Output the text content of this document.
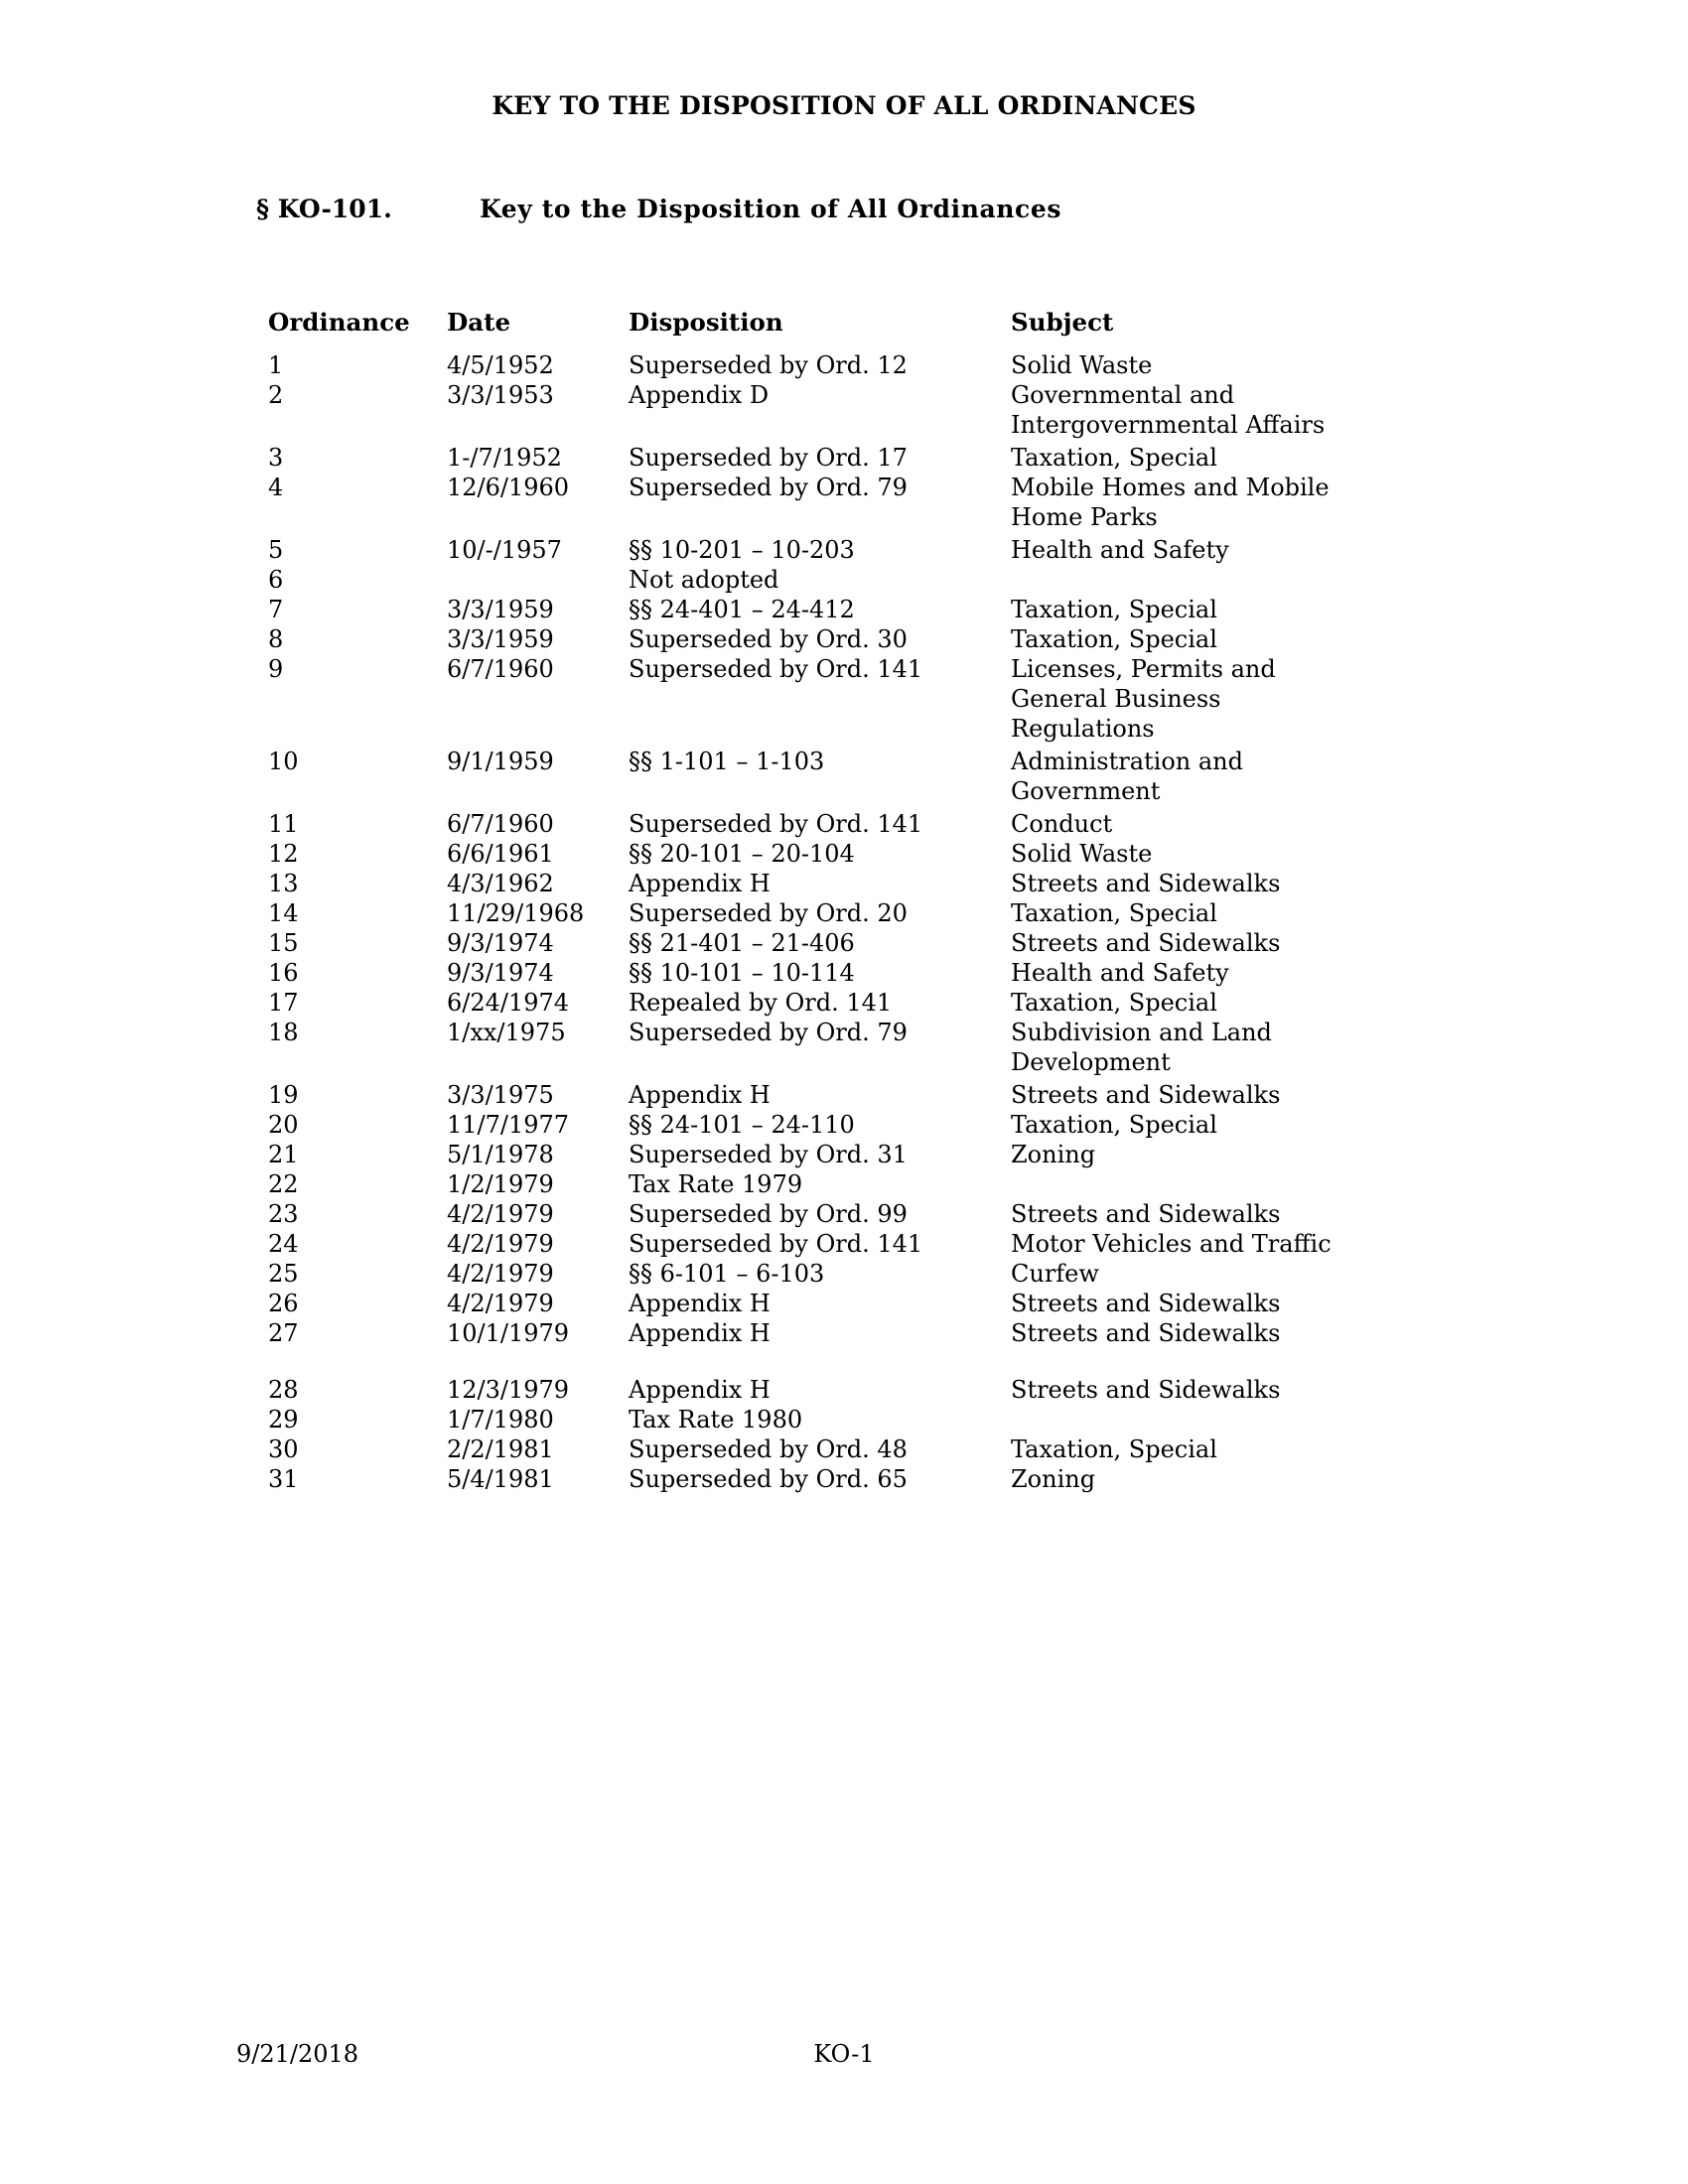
KEY TO THE DISPOSITION OF ALL ORDINANCES
§ KO-101.	Key to the Disposition of All Ordinances
Ordinance	Date	Disposition	Subject
1	4/5/1952	Superseded by Ord. 12	Solid Waste

2	3/3/1953	Appendix D	Governmental and
Intergovernmental Affairs

3	1-/7/1952	Superseded by Ord. 17	Taxation, Special

4	12/6/1960	Superseded by Ord. 79	Mobile Homes and Mobile
Home Parks

5	10/-/1957	§§ 10-201 – 10-203	Health and Safety

6		Not adopted	
7	3/3/1959	§§ 24-401 – 24-412	Taxation, Special

8	3/3/1959	Superseded by Ord. 30	Taxation, Special

9	6/7/1960	Superseded by Ord. 141	Licenses, Permits and
General Business
Regulations

10	9/1/1959	§§ 1-101 – 1-103	Administration and
Government

11	6/7/1960	Superseded by Ord. 141	Conduct

12	6/6/1961	§§ 20-101 – 20-104	Solid Waste

13	4/3/1962	Appendix H	Streets and Sidewalks

14	11/29/1968	Superseded by Ord. 20	Taxation, Special

15	9/3/1974	§§ 21-401 – 21-406	Streets and Sidewalks

16	9/3/1974	§§ 10-101 – 10-114	Health and Safety

17	6/24/1974	Repealed by Ord. 141	Taxation, Special

18	1/xx/1975	Superseded by Ord. 79	Subdivision and Land
Development

19	3/3/1975	Appendix H	Streets and Sidewalks

20	11/7/1977	§§ 24-101 – 24-110	Taxation, Special

21	5/1/1978	Superseded by Ord. 31	Zoning

22	1/2/1979	Tax Rate 1979	
23	4/2/1979	Superseded by Ord. 99	Streets and Sidewalks

24	4/2/1979	Superseded by Ord. 141	Motor Vehicles and Traffic

25	4/2/1979	§§ 6-101 – 6-103	Curfew

26	4/2/1979	Appendix H	Streets and Sidewalks

27	10/1/1979	Appendix H	Streets and Sidewalks

28	12/3/1979	Appendix H	Streets and Sidewalks

29	1/7/1980	Tax Rate 1980	
30	2/2/1981	Superseded by Ord. 48	Taxation, Special

31	5/4/1981	Superseded by Ord. 65	Zoning
9/21/2018	KO-1
